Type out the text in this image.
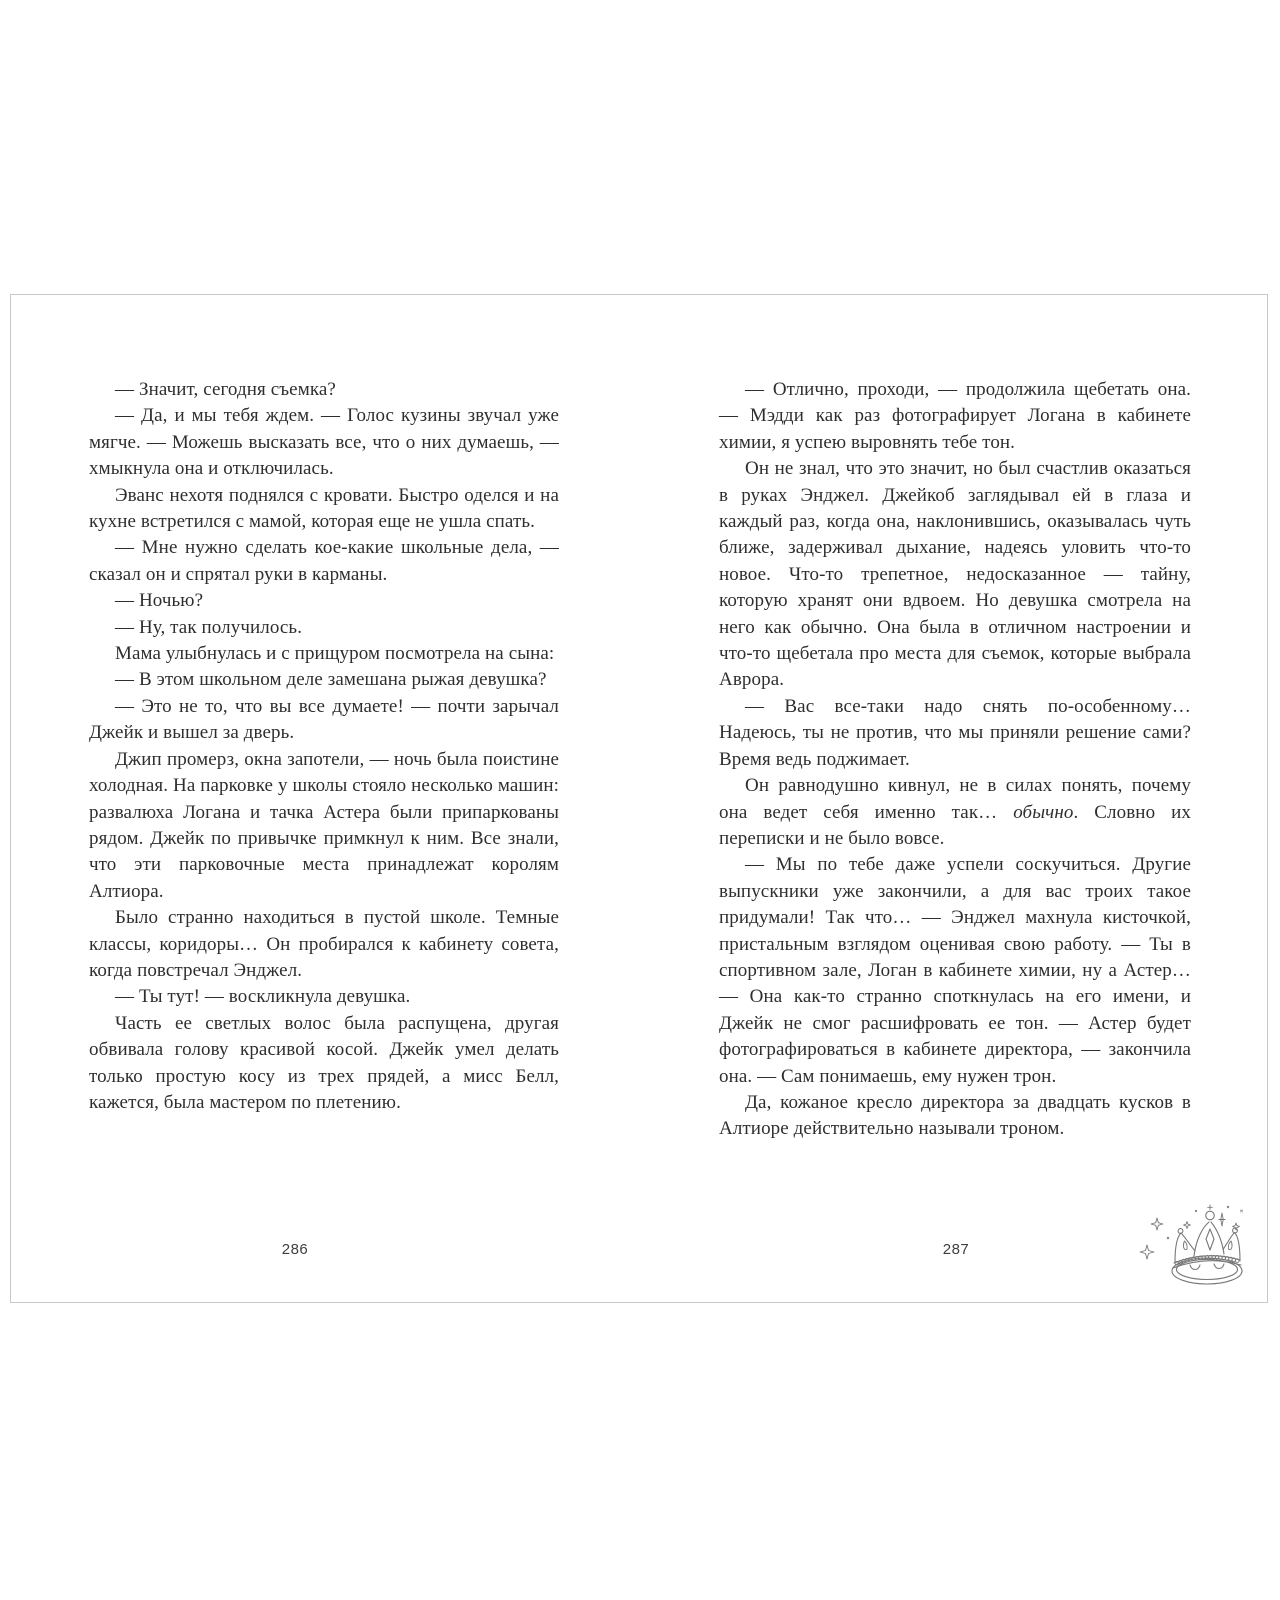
— Значит, сегодня съемка?

— Да, и мы тебя ждем. — Голос кузины звучал уже мягче. — Можешь высказать все, что о них думаешь, — хмыкнула она и отключилась.

Эванс нехотя поднялся с кровати. Быстро оделся и на кухне встретился с мамой, которая еще не ушла спать.

— Мне нужно сделать кое-какие школьные дела, — сказал он и спрятал руки в карманы.

— Ночью?

— Ну, так получилось.

Мама улыбнулась и с прищуром посмотрела на сына:

— В этом школьном деле замешана рыжая девушка?

— Это не то, что вы все думаете! — почти зарычал Джейк и вышел за дверь.

Джип промерз, окна запотели, — ночь была поистине холодная. На парковке у школы стояло несколько машин: развалюха Логана и тачка Астера были припаркованы рядом. Джейк по привычке примкнул к ним. Все знали, что эти парковочные места принадлежат королям Алтиора.

Было странно находиться в пустой школе. Темные классы, коридоры… Он пробирался к кабинету совета, когда повстречал Энджел.

— Ты тут! — воскликнула девушка.

Часть ее светлых волос была распущена, другая обвивала голову красивой косой. Джейк умел делать только простую косу из трех прядей, а мисс Белл, кажется, была мастером по плетению.

— Отлично, проходи, — продолжила щебетать она. — Мэдди как раз фотографирует Логана в кабинете химии, я успею выровнять тебе тон.

Он не знал, что это значит, но был счастлив оказаться в руках Энджел. Джейкоб заглядывал ей в глаза и каждый раз, когда она, наклонившись, оказывалась чуть ближе, задерживал дыхание, надеясь уловить что-то новое. Что-то трепетное, недосказанное — тайну, которую хранят они вдвоем. Но девушка смотрела на него как обычно. Она была в отличном настроении и что-то щебетала про места для съемок, которые выбрала Аврора.

— Вас все-таки надо снять по-особенному… Надеюсь, ты не против, что мы приняли решение сами? Время ведь поджимает.

Он равнодушно кивнул, не в силах понять, почему она ведет себя именно так… обычно. Словно их переписки и не было вовсе.

— Мы по тебе даже успели соскучиться. Другие выпускники уже закончили, а для вас троих такое придумали! Так что… — Энджел махнула кисточкой, пристальным взглядом оценивая свою работу. — Ты в спортивном зале, Логан в кабинете химии, ну а Астер… — Она как-то странно споткнулась на его имени, и Джейк не смог расшифровать ее тон. — Астер будет фотографироваться в кабинете директора, — закончила она. — Сам понимаешь, ему нужен трон.

Да, кожаное кресло директора за двадцать кусков в Алтиоре действительно называли троном.

286	287
